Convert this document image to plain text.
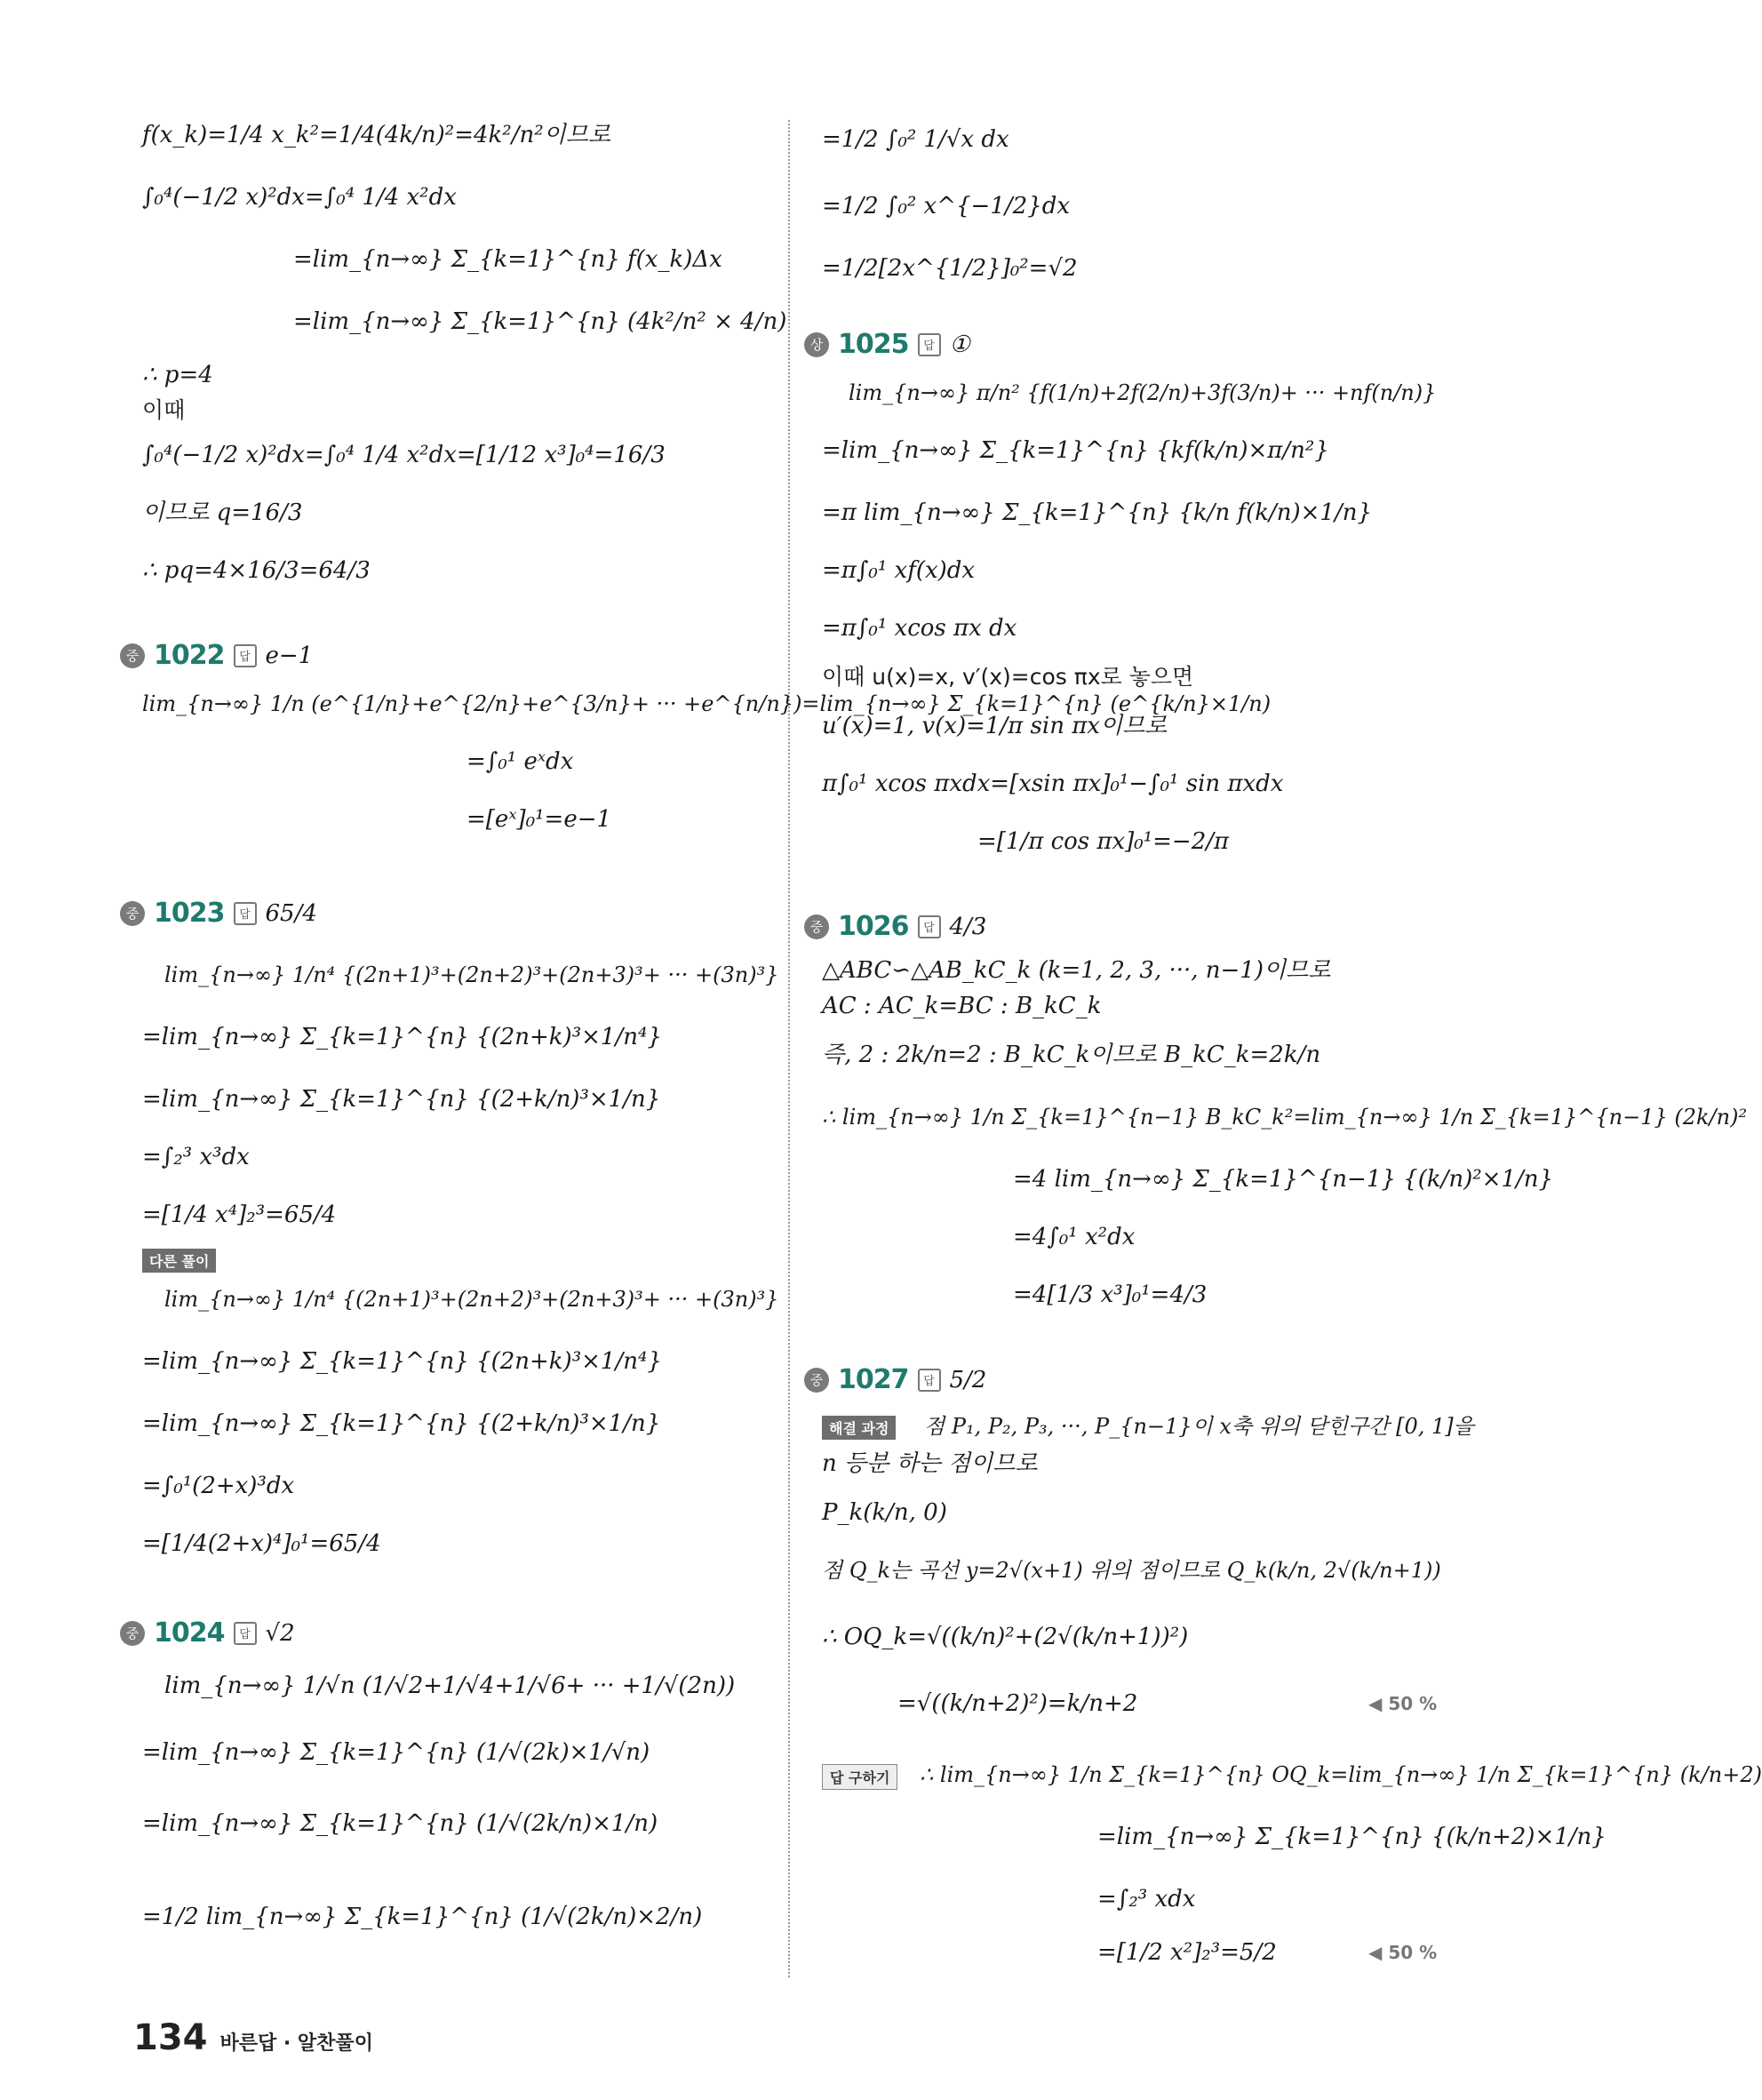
f(x_k)=1/4 x_k²=1/4(4k/n)²=4k²/n²이므로
∫₀⁴(−1/2 x)²dx=∫₀⁴ 1/4 x²dx
=lim_{n→∞} Σ_{k=1}^{n} f(x_k)Δx
=lim_{n→∞} Σ_{k=1}^{n} (4k²/n² × 4/n)
∴ p=4
이때
∫₀⁴(−1/2 x)²dx=∫₀⁴ 1/4 x²dx=[1/12 x³]₀⁴=16/3
이므로 q=16/3
∴ pq=4×16/3=64/3
중 1022	답 e−1
lim_{n→∞} 1/n (e^{1/n}+e^{2/n}+e^{3/n}+ ··· +e^{n/n})=lim_{n→∞} Σ_{k=1}^{n} (e^{k/n}×1/n)
=∫₀¹ eˣdx
=[eˣ]₀¹=e−1
중 1023	답 65/4
lim_{n→∞} 1/n⁴ {(2n+1)³+(2n+2)³+(2n+3)³+ ··· +(3n)³}
=lim_{n→∞} Σ_{k=1}^{n} {(2n+k)³×1/n⁴}
=lim_{n→∞} Σ_{k=1}^{n} {(2+k/n)³×1/n}
=∫₂³ x³dx
=[1/4 x⁴]₂³=65/4
다른 풀이
lim_{n→∞} 1/n⁴ {(2n+1)³+(2n+2)³+(2n+3)³+ ··· +(3n)³}
=lim_{n→∞} Σ_{k=1}^{n} {(2n+k)³×1/n⁴}
=lim_{n→∞} Σ_{k=1}^{n} {(2+k/n)³×1/n}
=∫₀¹(2+x)³dx
=[1/4(2+x)⁴]₀¹=65/4
중 1024	답 √2
lim_{n→∞} 1/√n (1/√2+1/√4+1/√6+ ··· +1/√(2n))
=lim_{n→∞} Σ_{k=1}^{n} (1/√(2k)×1/√n)
=lim_{n→∞} Σ_{k=1}^{n} (1/√(2k/n)×1/n)
=1/2 lim_{n→∞} Σ_{k=1}^{n} (1/√(2k/n)×2/n)
=1/2 ∫₀² 1/√x dx
=1/2 ∫₀² x^{−1/2}dx
=1/2[2x^{1/2}]₀²=√2
상 1025	답 ①
lim_{n→∞} π/n² {f(1/n)+2f(2/n)+3f(3/n)+ ··· +nf(n/n)}
=lim_{n→∞} Σ_{k=1}^{n} {kf(k/n)×π/n²}
=π lim_{n→∞} Σ_{k=1}^{n} {k/n f(k/n)×1/n}
=π∫₀¹ xf(x)dx
=π∫₀¹ xcos πx dx
이때 u(x)=x, v′(x)=cos πx로 놓으면
u′(x)=1, v(x)=1/π sin πx이므로
π∫₀¹ xcos πxdx=[xsin πx]₀¹−∫₀¹ sin πxdx
=[1/π cos πx]₀¹=−2/π
중 1026	답 4/3
△ABC∽△AB_kC_k (k=1, 2, 3, ···, n−1)이므로
AC : AC_k=BC : B_kC_k
즉, 2 : 2k/n=2 : B_kC_k이므로 B_kC_k=2k/n
∴ lim_{n→∞} 1/n Σ_{k=1}^{n−1} B_kC_k²=lim_{n→∞} 1/n Σ_{k=1}^{n−1} (2k/n)²
=4 lim_{n→∞} Σ_{k=1}^{n−1} {(k/n)²×1/n}
=4∫₀¹ x²dx
=4[1/3 x³]₀¹=4/3
중 1027	답 5/2
해결 과정	점 P₁, P₂, P₃, ···, P_{n−1}이 x축 위의 닫힌구간 [0, 1]을
n 등분 하는 점이므로
P_k(k/n, 0)
점 Q_k는 곡선 y=2√(x+1) 위의 점이므로 Q_k(k/n, 2√(k/n+1))
∴ OQ_k=√((k/n)²+(2√(k/n+1))²)
=√((k/n+2)²)=k/n+2	◀ 50 %
답 구하기	∴ lim_{n→∞} 1/n Σ_{k=1}^{n} OQ_k=lim_{n→∞} 1/n Σ_{k=1}^{n} (k/n+2)
=lim_{n→∞} Σ_{k=1}^{n} {(k/n+2)×1/n}
=∫₂³ xdx
=[1/2 x²]₂³=5/2	◀ 50 %
134 바른답 · 알찬풀이
